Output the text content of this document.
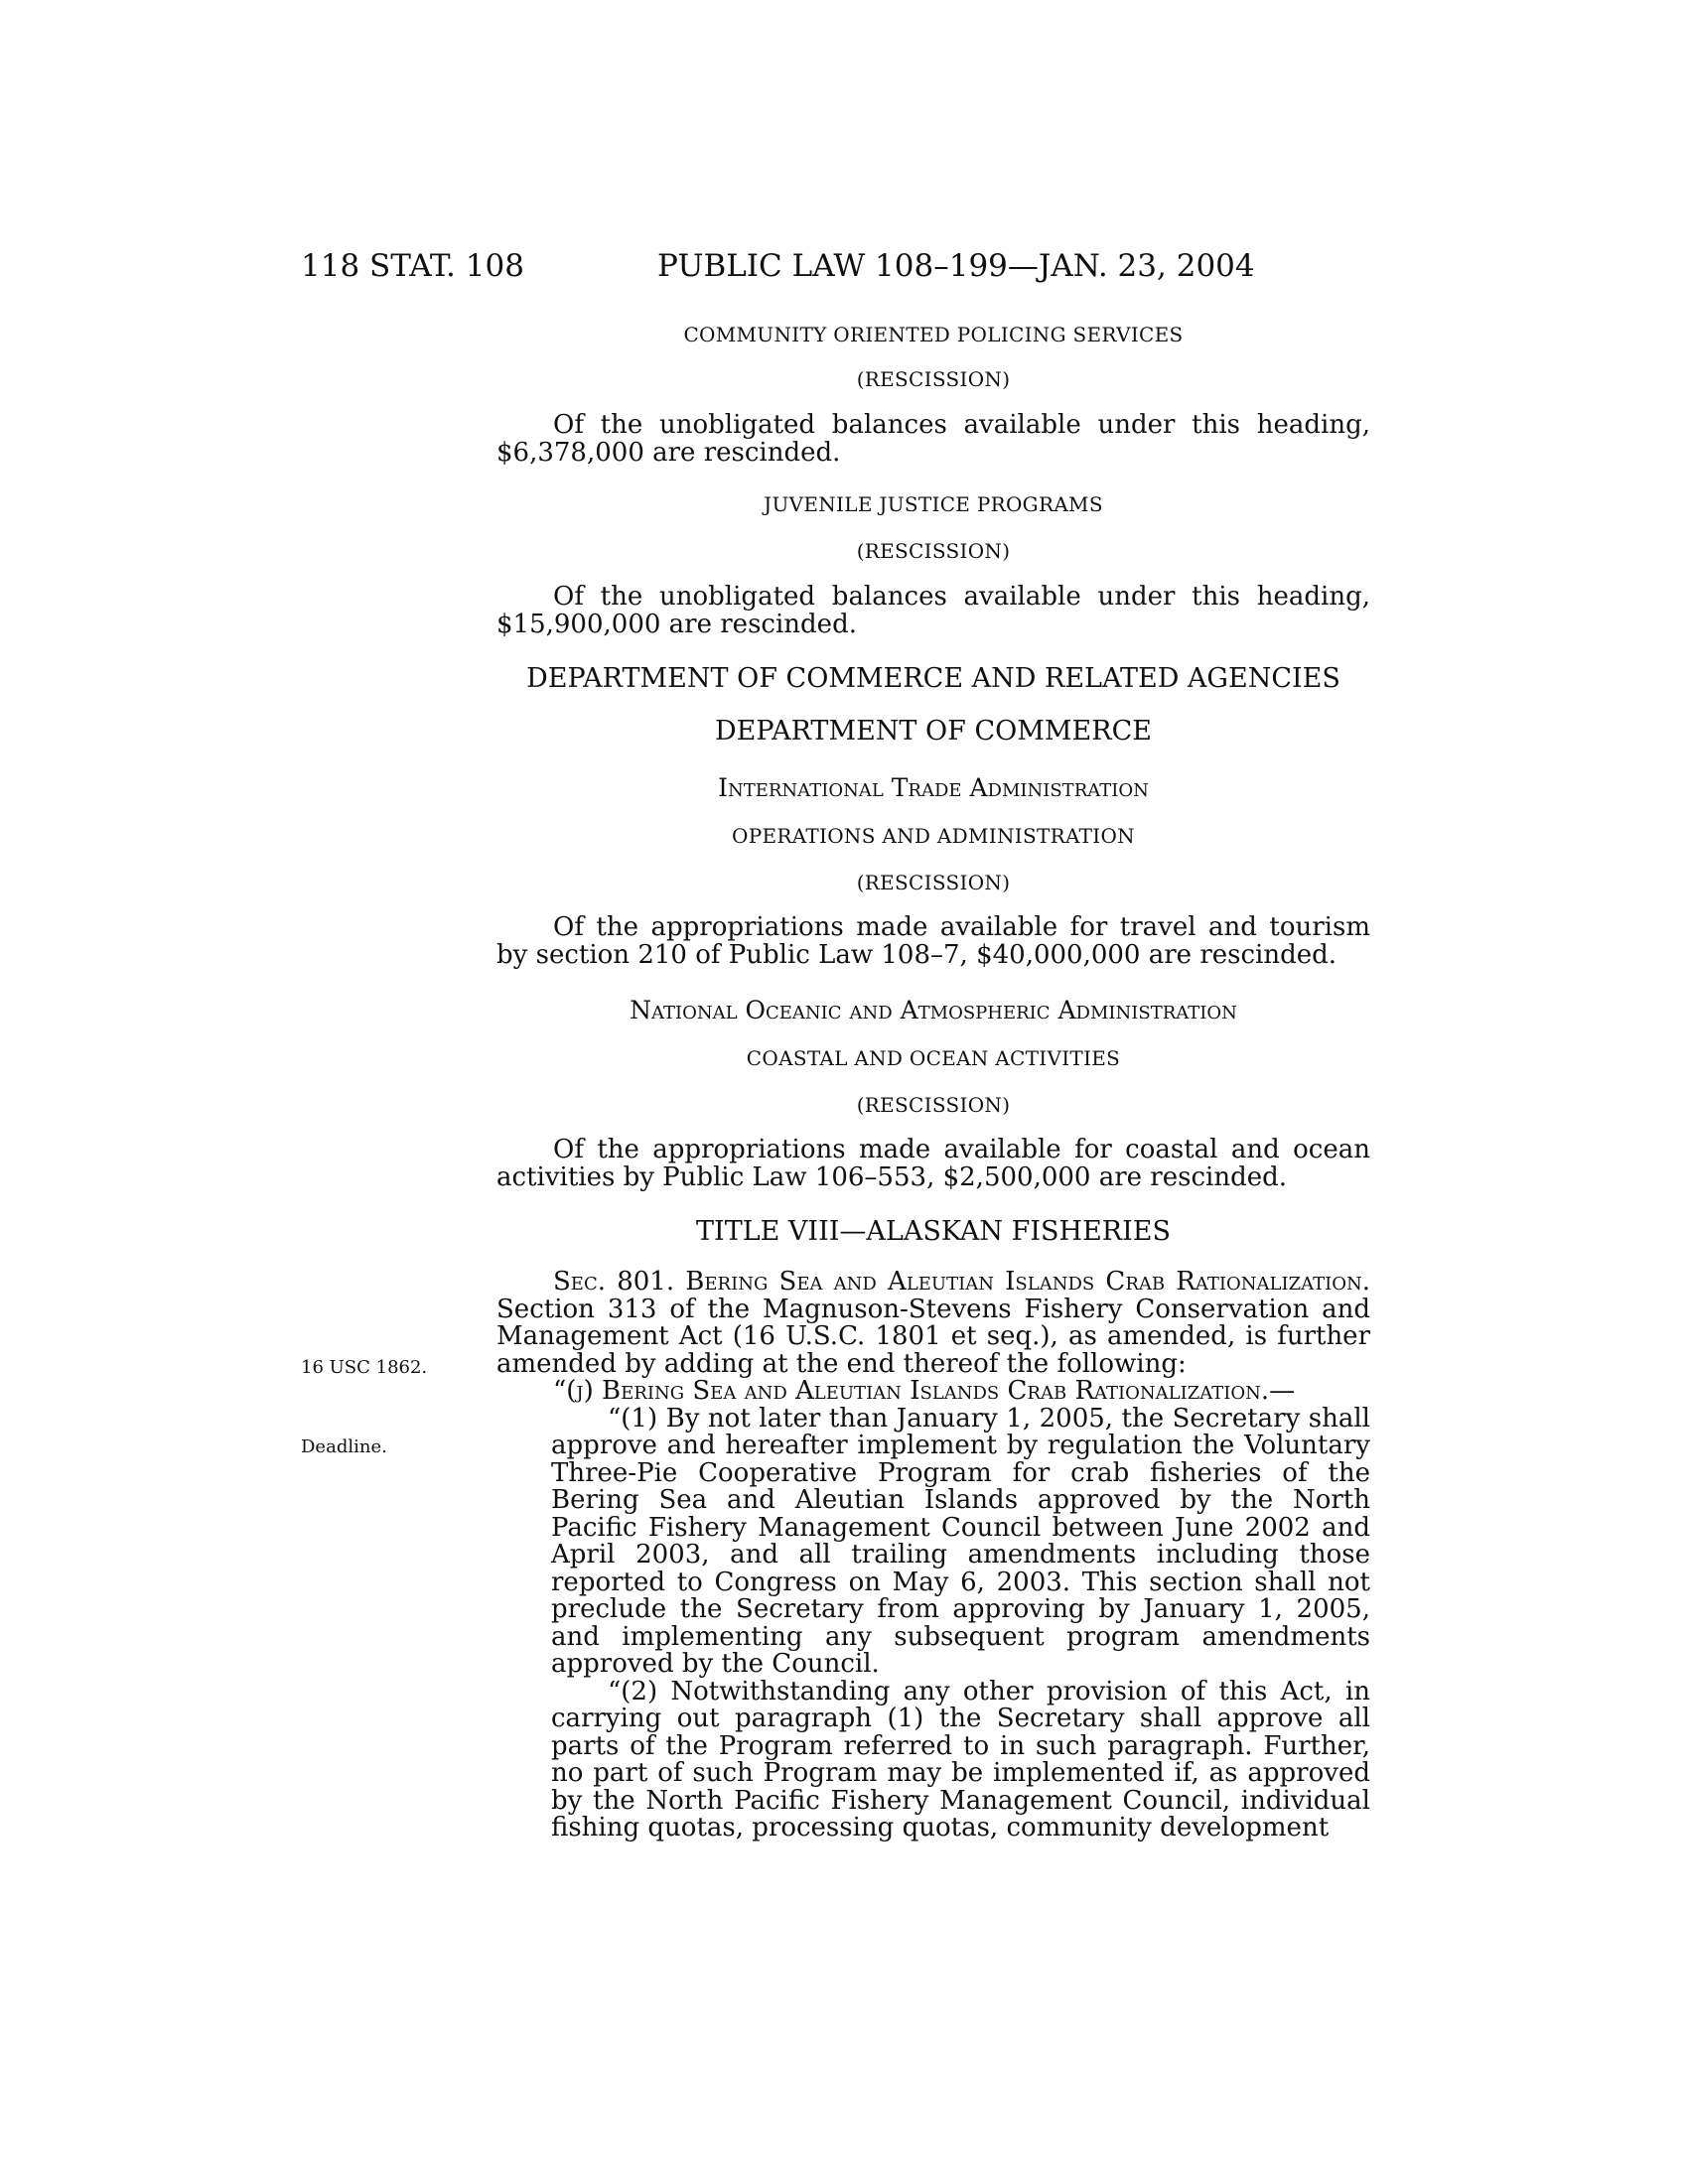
118 STAT. 108	PUBLIC LAW 108–199—JAN. 23, 2004

COMMUNITY ORIENTED POLICING SERVICES

(RESCISSION)

Of the unobligated balances available under this heading, $6,378,000 are rescinded.

JUVENILE JUSTICE PROGRAMS

(RESCISSION)

Of the unobligated balances available under this heading, $15,900,000 are rescinded.

DEPARTMENT OF COMMERCE AND RELATED AGENCIES

DEPARTMENT OF COMMERCE

International Trade Administration

OPERATIONS AND ADMINISTRATION

(RESCISSION)

Of the appropriations made available for travel and tourism by section 210 of Public Law 108–7, $40,000,000 are rescinded.

National Oceanic and Atmospheric Administration

COASTAL AND OCEAN ACTIVITIES

(RESCISSION)

Of the appropriations made available for coastal and ocean activities by Public Law 106–553, $2,500,000 are rescinded.

TITLE VIII—ALASKAN FISHERIES

Sec. 801. Bering Sea and Aleutian Islands Crab Rationalization. Section 313 of the Magnuson-Stevens Fishery Conservation and Management Act (16 U.S.C. 1801 et seq.), as amended, is further amended by adding at the end thereof the following:

“(j) Bering Sea and Aleutian Islands Crab Rationalization.—

“(1) By not later than January 1, 2005, the Secretary shall approve and hereafter implement by regulation the Voluntary Three-Pie Cooperative Program for crab fisheries of the Bering Sea and Aleutian Islands approved by the North Pacific Fishery Management Council between June 2002 and April 2003, and all trailing amendments including those reported to Congress on May 6, 2003. This section shall not preclude the Secretary from approving by January 1, 2005, and implementing any subsequent program amendments approved by the Council.

“(2) Notwithstanding any other provision of this Act, in carrying out paragraph (1) the Secretary shall approve all parts of the Program referred to in such paragraph. Further, no part of such Program may be implemented if, as approved by the North Pacific Fishery Management Council, individual fishing quotas, processing quotas, community development

16 USC 1862.
Deadline.
